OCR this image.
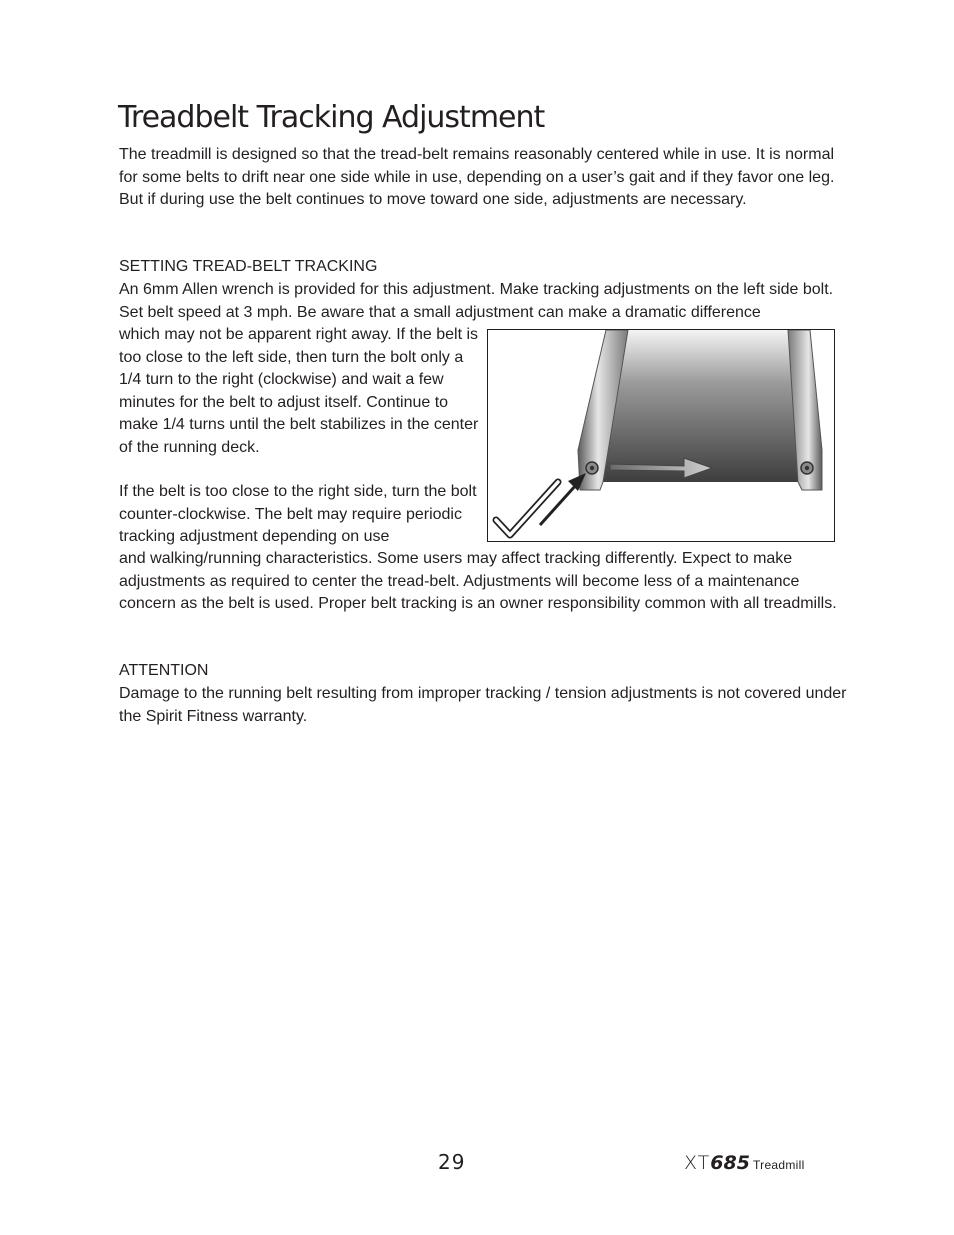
Treadbelt Tracking Adjustment

The treadmill is designed so that the tread-belt remains reasonably centered while in use. It is normal for some belts to drift near one side while in use, depending on a user’s gait and if they favor one leg. But if during use the belt continues to move toward one side, adjustments are necessary.

SETTING TREAD-BELT TRACKING

An 6mm Allen wrench is provided for this adjustment. Make tracking adjustments on the left side bolt. Set belt speed at 3 mph. Be aware that a small adjustment can make a dramatic difference

which may not be apparent right away. If the belt is too close to the left side, then turn the bolt only a 1/4 turn to the right (clockwise) and wait a few minutes for the belt to adjust itself. Continue to make 1/4 turns until the belt stabilizes in the center of the running deck.

If the belt is too close to the right side, turn the bolt counter-clockwise. The belt may require periodic tracking adjustment depending on use

and walking/running characteristics. Some users may affect tracking differently. Expect to make adjustments as required to center the tread-belt. Adjustments will become less of a maintenance concern as the belt is used. Proper belt tracking is an owner responsibility common with all treadmills.

ATTENTION

Damage to the running belt resulting from improper tracking / tension adjustments is not covered under the Spirit Fitness warranty.

29	XT685 Treadmill
